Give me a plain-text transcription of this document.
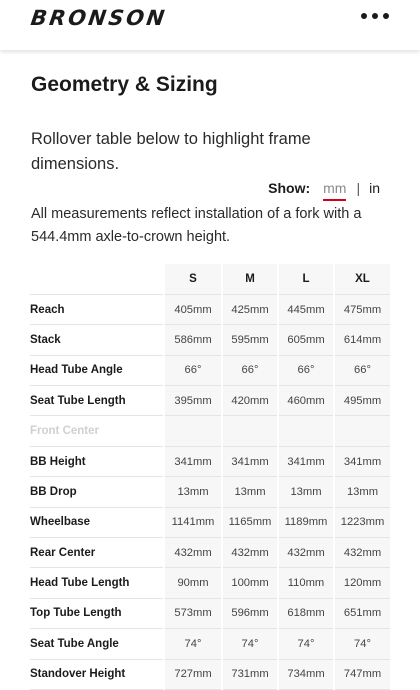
BRONSON
Geometry & Sizing

Rollover table below to highlight frame dimensions.

Show: mm | in

All measurements reflect installation of a fork with a 544.4mm axle-to-crown height.

	S	M	L	XL
Reach	405mm	425mm	445mm	475mm
Stack	586mm	595mm	605mm	614mm
Head Tube Angle	66°	66°	66°	66°
Seat Tube Length	395mm	420mm	460mm	495mm
Front Center				
BB Height	341mm	341mm	341mm	341mm
BB Drop	13mm	13mm	13mm	13mm
Wheelbase	1141mm	1165mm	1189mm	1223mm
Rear Center	432mm	432mm	432mm	432mm
Head Tube Length	90mm	100mm	110mm	120mm
Top Tube Length	573mm	596mm	618mm	651mm
Seat Tube Angle	74°	74°	74°	74°
Standover Height	727mm	731mm	734mm	747mm
